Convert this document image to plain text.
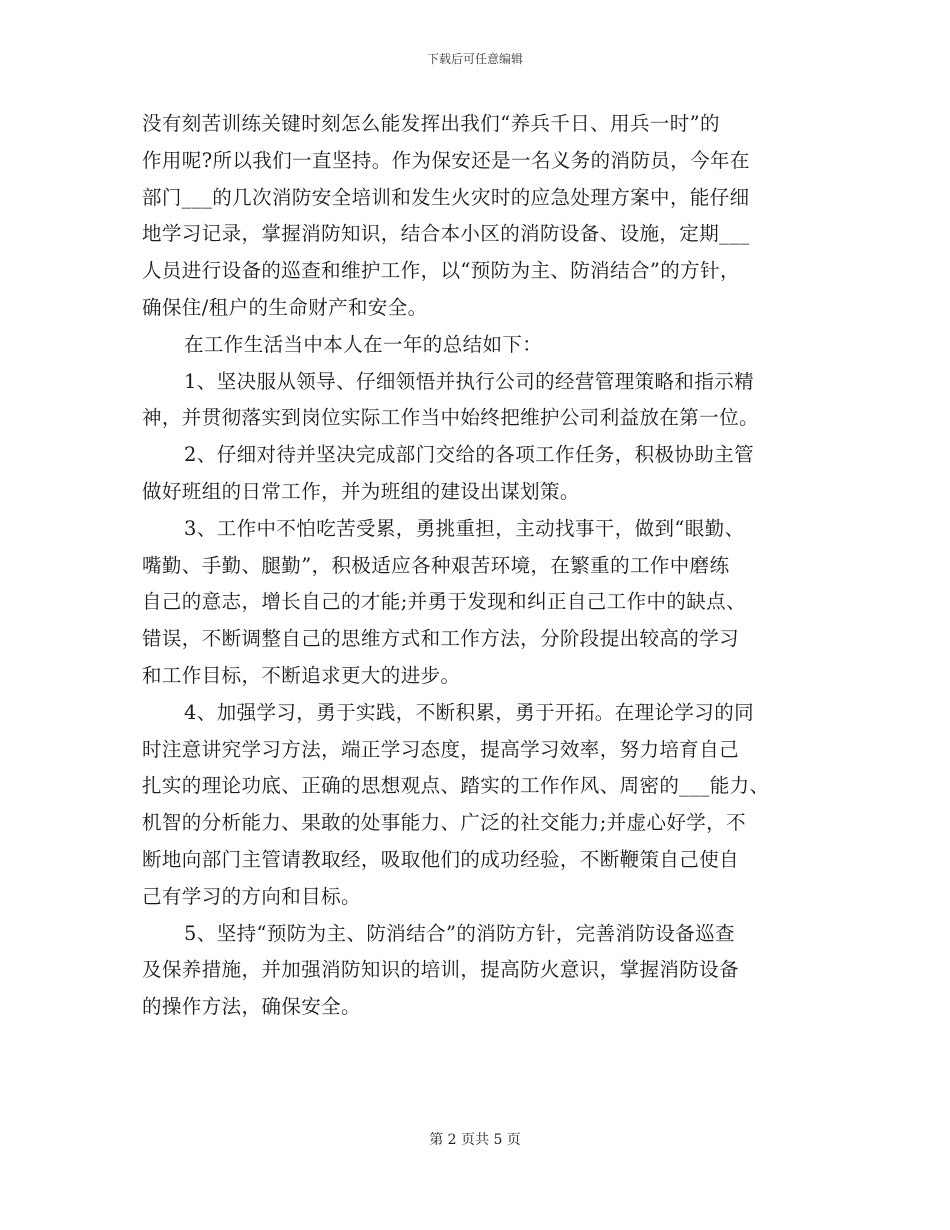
下载后可任意编辑
没有刻苦训练关键时刻怎么能发挥出我们“养兵千日、用兵一时”的
作用呢?所以我们一直坚持。作为保安还是一名义务的消防员，今年在
部门___的几次消防安全培训和发生火灾时的应急处理方案中，能仔细
地学习记录，掌握消防知识，结合本小区的消防设备、设施，定期___
人员进行设备的巡查和维护工作，以“预防为主、防消结合”的方针，
确保住/租户的生命财产和安全。
在工作生活当中本人在一年的总结如下：
1、坚决服从领导、仔细领悟并执行公司的经营管理策略和指示精
神，并贯彻落实到岗位实际工作当中始终把维护公司利益放在第一位。
2、仔细对待并坚决完成部门交给的各项工作任务，积极协助主管
做好班组的日常工作，并为班组的建设出谋划策。
3、工作中不怕吃苦受累，勇挑重担，主动找事干，做到“眼勤、
嘴勤、手勤、腿勤”，积极适应各种艰苦环境，在繁重的工作中磨练
自己的意志，增长自己的才能;并勇于发现和纠正自己工作中的缺点、
错误，不断调整自己的思维方式和工作方法，分阶段提出较高的学习
和工作目标，不断追求更大的进步。
4、加强学习，勇于实践，不断积累，勇于开拓。在理论学习的同
时注意讲究学习方法，端正学习态度，提高学习效率，努力培育自己
扎实的理论功底、正确的思想观点、踏实的工作作风、周密的___能力、
机智的分析能力、果敢的处事能力、广泛的社交能力;并虚心好学，不
断地向部门主管请教取经，吸取他们的成功经验，不断鞭策自己使自
己有学习的方向和目标。
5、坚持“预防为主、防消结合”的消防方针，完善消防设备巡查
及保养措施，并加强消防知识的培训，提高防火意识，掌握消防设备
的操作方法，确保安全。
第 2 页共 5 页
